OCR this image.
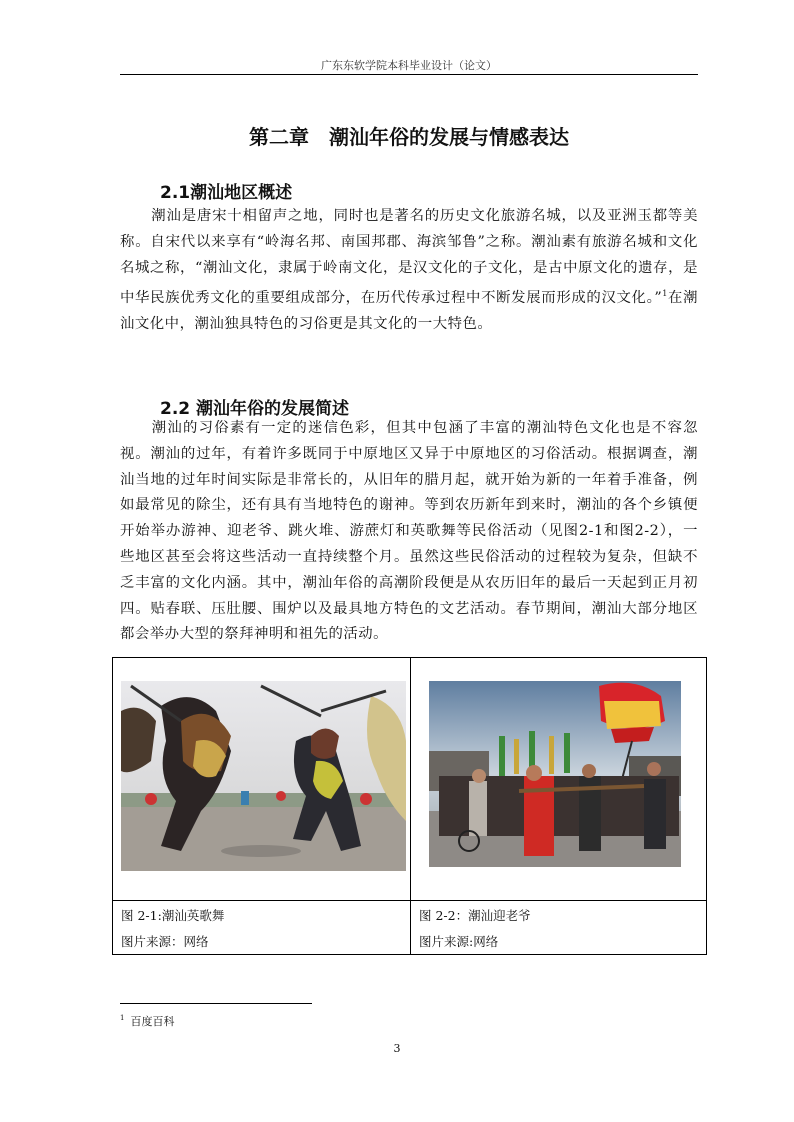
广东东软学院本科毕业设计（论文）
第二章　潮汕年俗的发展与情感表达
2.1潮汕地区概述

潮汕是唐宋十相留声之地，同时也是著名的历史文化旅游名城，以及亚洲玉都等美称。自宋代以来享有“岭海名邦、南国邦郡、海滨邹鲁”之称。潮汕素有旅游名城和文化名城之称，“潮汕文化，隶属于岭南文化，是汉文化的子文化，是古中原文化的遗存，是中华民族优秀文化的重要组成部分，在历代传承过程中不断发展而形成的汉文化。”$^1$在潮汕文化中，潮汕独具特色的习俗更是其文化的一大特色。

2.2 潮汕年俗的发展简述

潮汕的习俗素有一定的迷信色彩，但其中包涵了丰富的潮汕特色文化也是不容忽视。潮汕的过年，有着许多既同于中原地区又异于中原地区的习俗活动。根据调查，潮汕当地的过年时间实际是非常长的，从旧年的腊月起，就开始为新的一年着手准备，例如最常见的除尘，还有具有当地特色的谢神。等到农历新年到来时，潮汕的各个乡镇便开始举办游神、迎老爷、跳火堆、游蔗灯和英歌舞等民俗活动（见图2-1和图2-2），一些地区甚至会将这些活动一直持续整个月。虽然这些民俗活动的过程较为复杂，但缺不乏丰富的文化内涵。其中，潮汕年俗的高潮阶段便是从农历旧年的最后一天起到正月初四。贴春联、压肚腰、围炉以及最具地方特色的文艺活动。春节期间，潮汕大部分地区都会举办大型的祭拜神明和祖先的活动。

图 2-1:潮汕英歌舞
图片来源：网络
图 2-2：潮汕迎老爷
图片来源:网络
$^1$ 百度百科
3
